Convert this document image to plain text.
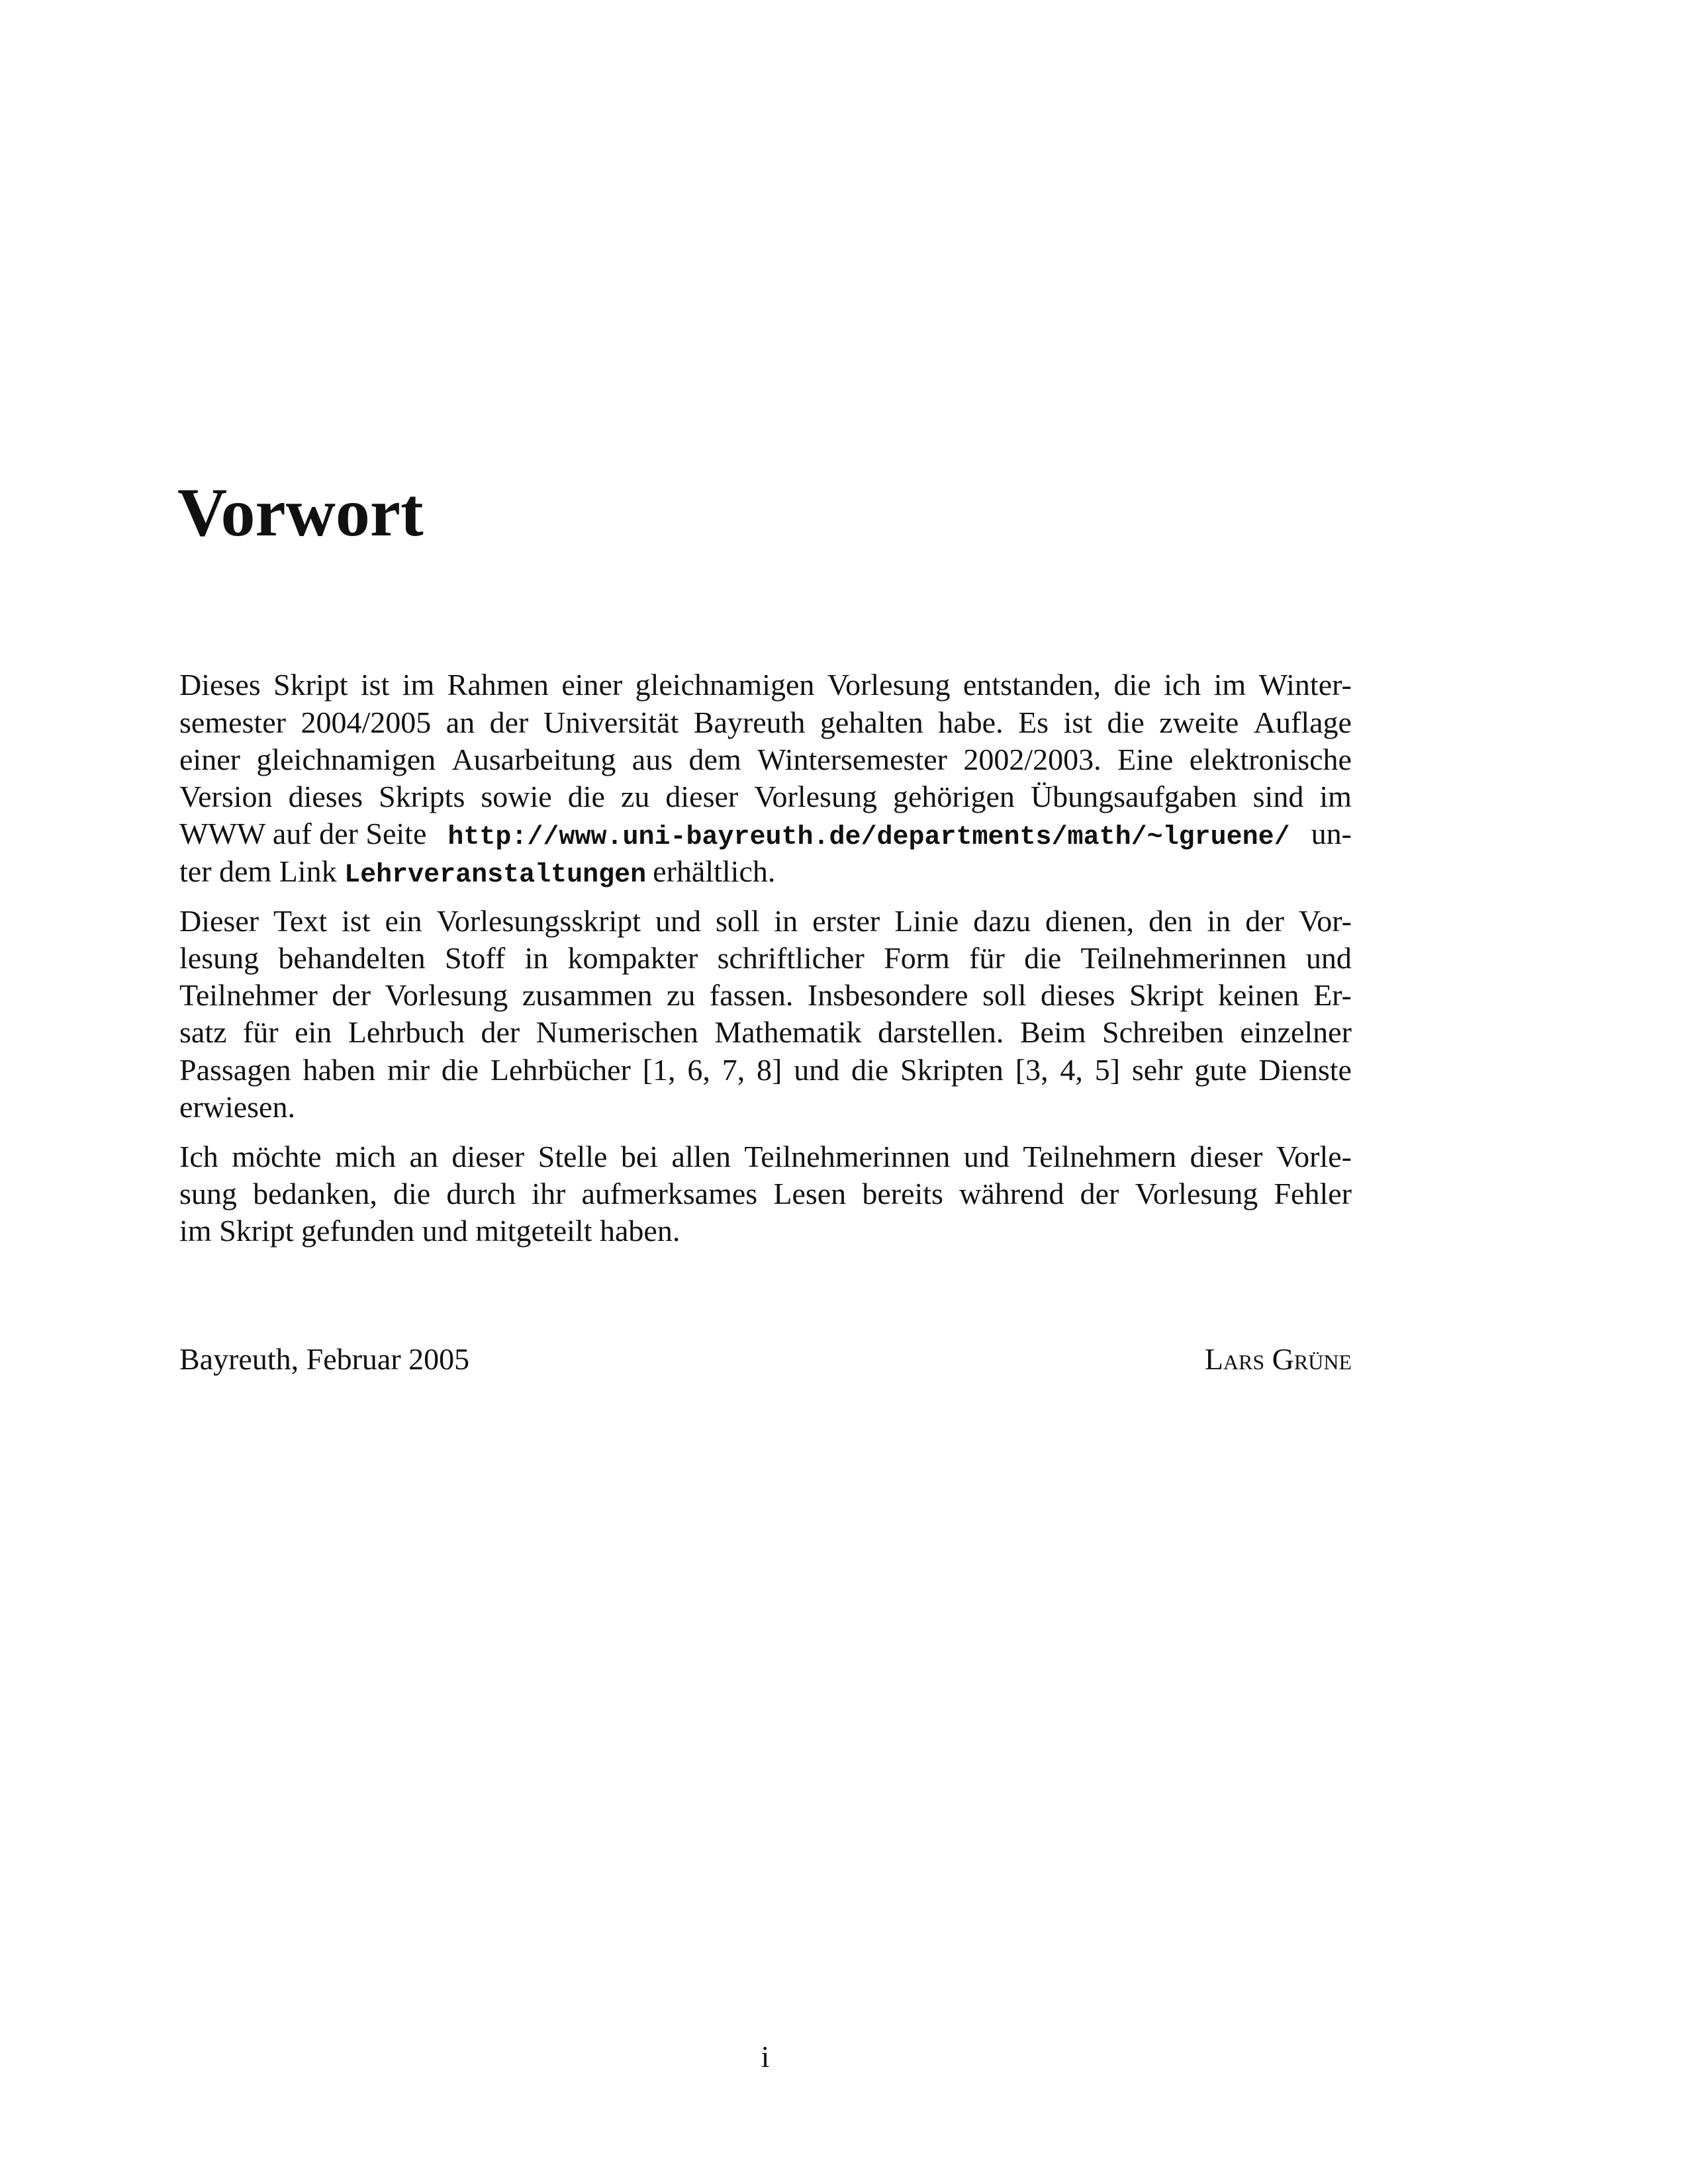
Vorwort
Dieses Skript ist im Rahmen einer gleichnamigen Vorlesung entstanden, die ich im Winter-
semester 2004/2005 an der Universität Bayreuth gehalten habe. Es ist die zweite Auflage
einer gleichnamigen Ausarbeitung aus dem Wintersemester 2002/2003. Eine elektronische
Version dieses Skripts sowie die zu dieser Vorlesung gehörigen Übungsaufgaben sind im
WWW auf der Seite http://www.uni-bayreuth.de/departments/math/~lgruene/ un-
ter dem Link Lehrveranstaltungen erhältlich.
Dieser Text ist ein Vorlesungsskript und soll in erster Linie dazu dienen, den in der Vor-
lesung behandelten Stoff in kompakter schriftlicher Form für die Teilnehmerinnen und
Teilnehmer der Vorlesung zusammen zu fassen. Insbesondere soll dieses Skript keinen Er-
satz für ein Lehrbuch der Numerischen Mathematik darstellen. Beim Schreiben einzelner
Passagen haben mir die Lehrbücher [1, 6, 7, 8] und die Skripten [3, 4, 5] sehr gute Dienste
erwiesen.
Ich möchte mich an dieser Stelle bei allen Teilnehmerinnen und Teilnehmern dieser Vorle-
sung bedanken, die durch ihr aufmerksames Lesen bereits während der Vorlesung Fehler
im Skript gefunden und mitgeteilt haben.
Bayreuth, Februar 2005	Lars Grüne
i
